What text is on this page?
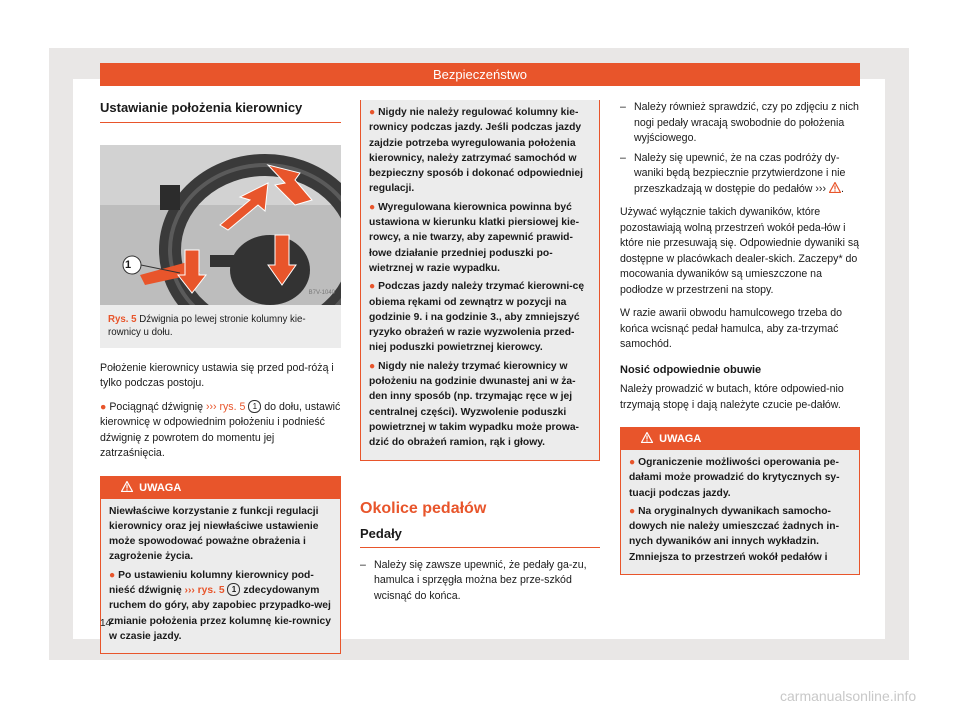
Bezpieczeństwo
Ustawianie położenia kierownicy
1
B7V-1040
Rys. 5 Dźwignia po lewej stronie kolumny kie-rownicy u dołu.

Położenie kierownicy ustawia się przed pod-różą i tylko podczas postoju.

● Pociągnąć dźwignię ››› rys. 5 1 do dołu, ustawić kierownicę w odpowiednim położeniu i podnieść dźwignię z powrotem do momentu jej zatrzaśnięcia.

UWAGA

Niewłaściwe korzystanie z funkcji regulacji kierownicy oraz jej niewłaściwe ustawienie może spowodować poważne obrażenia i zagrożenie życia.

● Po ustawieniu kolumny kierownicy pod-nieść dźwignię ››› rys. 5 1 zdecydowanym ruchem do góry, aby zapobiec przypadko-wej zmianie położenia przez kolumnę kie-rownicy w czasie jazdy.

● Nigdy nie należy regulować kolumny kie-rownicy podczas jazdy. Jeśli podczas jazdy zajdzie potrzeba wyregulowania położenia kierownicy, należy zatrzymać samochód w bezpieczny sposób i dokonać odpowiedniej regulacji.

● Wyregulowana kierownica powinna być ustawiona w kierunku klatki piersiowej kie-rowcy, a nie twarzy, aby zapewnić prawid-łowe działanie przedniej poduszki po-wietrznej w razie wypadku.

● Podczas jazdy należy trzymać kierowni-cę obiema rękami od zewnątrz w pozycji na godzinie 9. i na godzinie 3., aby zmniejszyć ryzyko obrażeń w razie wyzwolenia przed-niej poduszki powietrznej kierowcy.

● Nigdy nie należy trzymać kierownicy w położeniu na godzinie dwunastej ani w ża-den inny sposób (np. trzymając ręce w jej centralnej części). Wyzwolenie poduszki powietrznej w takim wypadku może prowa-dzić do obrażeń ramion, rąk i głowy.

Okolice pedałów
Pedały

– Należy się zawsze upewnić, że pedały ga-zu, hamulca i sprzęgła można bez prze-szkód wcisnąć do końca.

– Należy również sprawdzić, czy po zdjęciu z nich nogi pedały wracają swobodnie do położenia wyjściowego.

– Należy się upewnić, że na czas podróży dy-waniki będą bezpiecznie przytwierdzone i nie przeszkadzają w dostępie do pedałów ››› .

Używać wyłącznie takich dywaników, które pozostawiają wolną przestrzeń wokół peda-łów i które nie przesuwają się. Odpowiednie dywaniki są dostępne w placówkach dealer-skich. Zaczepy* do mocowania dywaników są umieszczone na podłodze w przestrzeni na stopy.

W razie awarii obwodu hamulcowego trzeba do końca wcisnąć pedał hamulca, aby za-trzymać samochód.

Nosić odpowiednie obuwie

Należy prowadzić w butach, które odpowied-nio trzymają stopę i dają należyte czucie pe-dałów.

UWAGA

● Ograniczenie możliwości operowania pe-dałami może prowadzić do krytycznych sy-tuacji podczas jazdy.

● Na oryginalnych dywanikach samocho-dowych nie należy umieszczać żadnych in-nych dywaników ani innych wykładzin. Zmniejsza to przestrzeń wokół pedałów i

14
carmanualsonline.info
